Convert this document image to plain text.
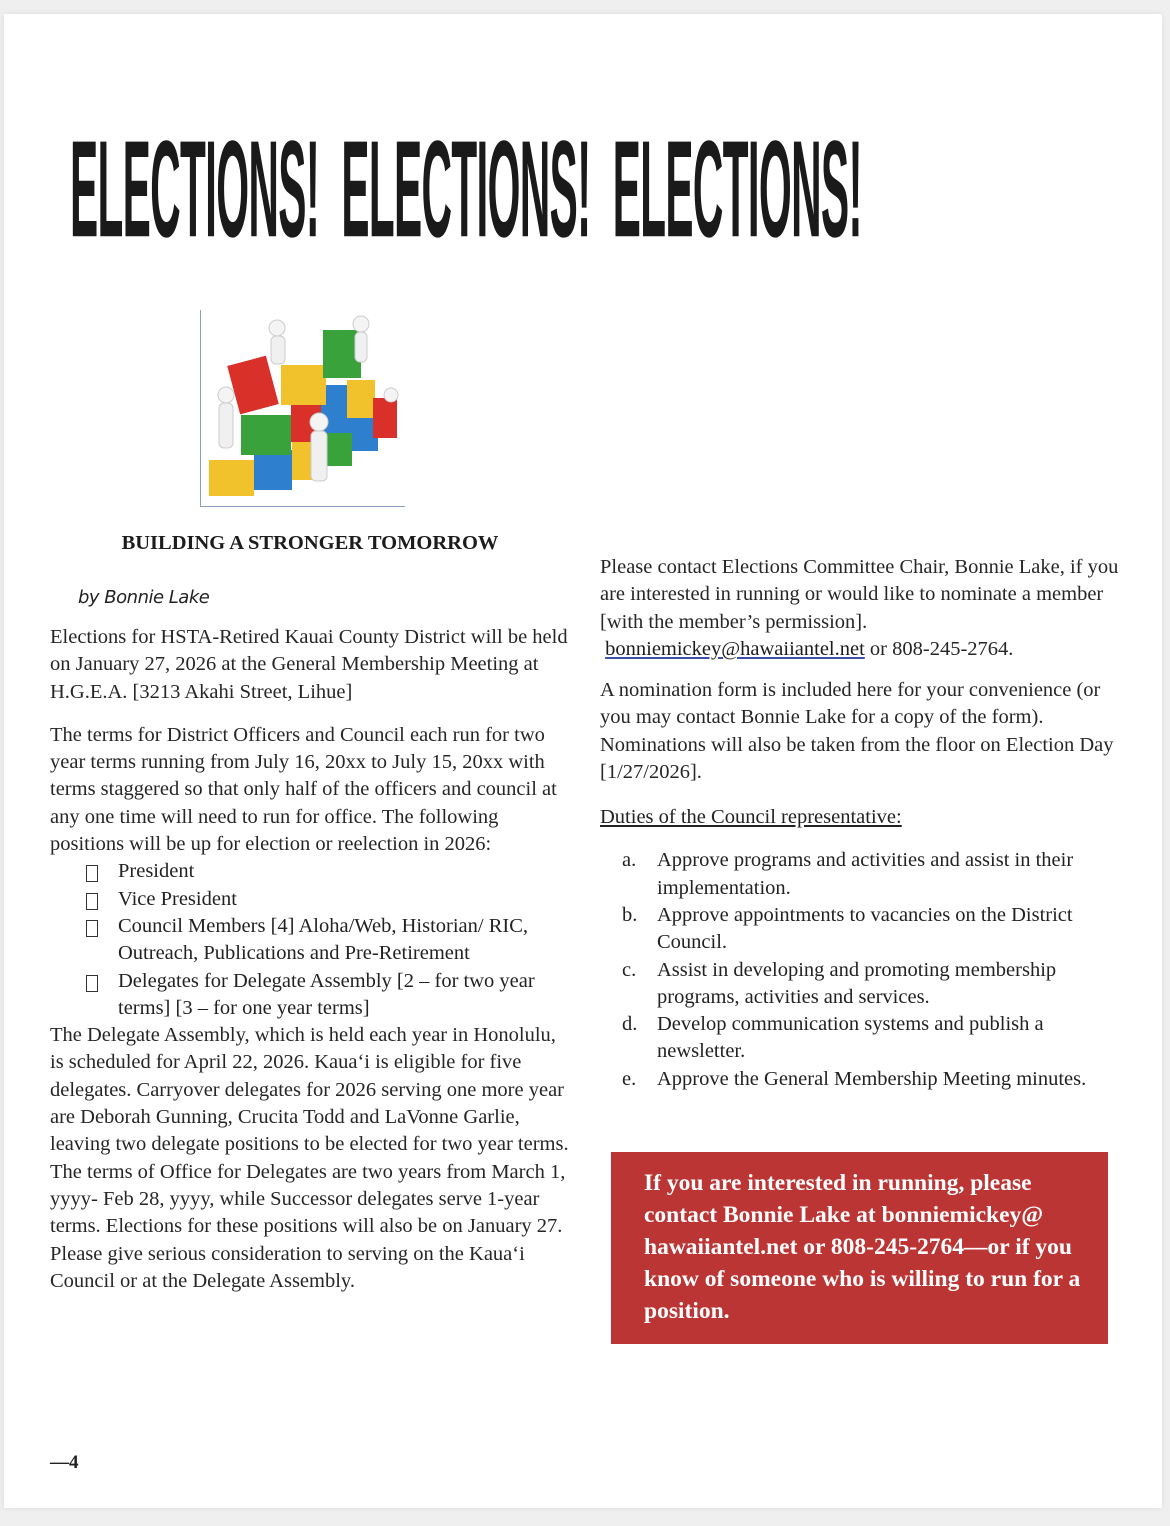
ELECTIONS!  ELECTIONS!  ELECTIONS!
BUILDING A STRONGER TOMORROW
by Bonnie Lake

Elections for HSTA-Retired Kauai County District will be held on January 27, 2026 at the General Membership Meeting at H.G.E.A. [3213 Akahi Street, Lihue]

The terms for District Officers and Council each run for two year terms running from July 16, 20xx to July 15, 20xx with terms staggered so that only half of the officers and council at any one time will need to run for office. The following positions will be up for election or reelection in 2026:

President
Vice President
Council Members [4] Aloha/Web, Historian/ RIC, Outreach, Publications and Pre-Retirement
Delegates for Delegate Assembly [2 – for two year terms] [3 – for one year terms]

The Delegate Assembly, which is held each year in Honolulu, is scheduled for April 22, 2026. Kaua‘i is eligible for five delegates. Carryover delegates for 2026 serving one more year are Deborah Gunning, Crucita Todd and LaVonne Garlie, leaving two delegate positions to be elected for two year terms. The terms of Office for Delegates are two years from March 1, yyyy- Feb 28, yyyy, while Successor delegates serve 1-year terms. Elections for these positions will also be on January 27.

Please give serious consideration to serving on the Kaua‘i Council or at the Delegate Assembly.

Please contact Elections Committee Chair, Bonnie Lake, if you are interested in running or would like to nominate a member [with the member’s permission].
bonniemickey@hawaiiantel.net or 808-245-2764.

A nomination form is included here for your convenience (or you may contact Bonnie Lake for a copy of the form). Nominations will also be taken from the floor on Election Day [1/27/2026].

Duties of the Council representative:
a. Approve programs and activities and assist in their implementation.
b. Approve appointments to vacancies on the District Council.
c. Assist in developing and promoting membership programs, activities and services.
d. Develop communication systems and publish a newsletter.
e. Approve the General Membership Meeting minutes.

If you are interested in running, please contact Bonnie Lake at bonniemickey@ hawaiiantel.net or 808-245-2764—or if you know of someone who is willing to run for a position.

—4
